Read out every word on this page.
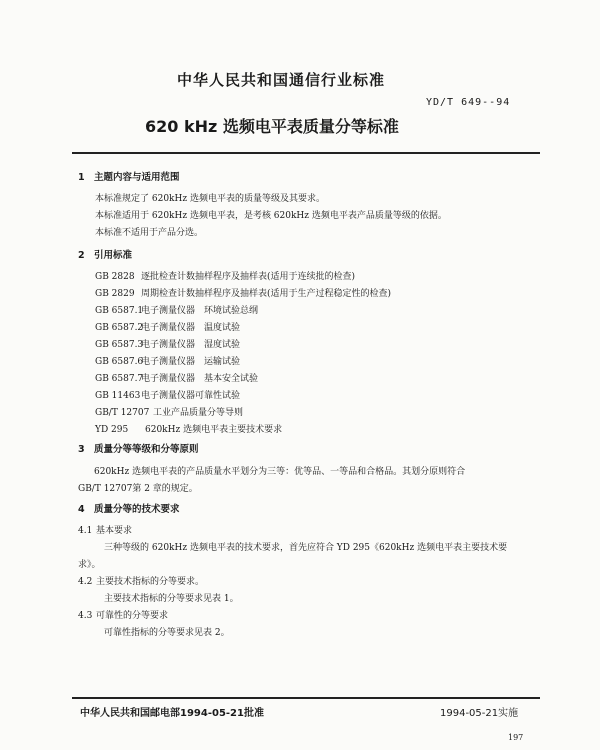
中华人民共和国通信行业标准
YD/T 649--94
620 kHz 选频电平表质量分等标准
1 主题内容与适用范围
本标准规定了 620kHz 选频电平表的质量等级及其要求。
本标准适用于 620kHz 选频电平表，是考核 620kHz 选频电平表产品质量等级的依据。
本标准不适用于产品分选。
2 引用标准
GB 2828 逐批检查计数抽样程序及抽样表(适用于连续批的检查)
GB 2829 周期检查计数抽样程序及抽样表(适用于生产过程稳定性的检查)
GB 6587.1电子测量仪器　环境试验总纲
GB 6587.2电子测量仪器　温度试验
GB 6587.3电子测量仪器　湿度试验
GB 6587.6电子测量仪器　运输试验
GB 6587.7电子测量仪器　基本安全试验
GB 11463电子测量仪器可靠性试验
GB/T 12707 工业产品质量分等导则
YD 295 620kHz 选频电平表主要技术要求
3 质量分等等级和分等原则
620kHz 选频电平表的产品质量水平划分为三等：优等品、一等品和合格品。其划分原则符合
GB/T 12707第 2 章的规定。
4 质量分等的技术要求
4.1 基本要求
三种等级的 620kHz 选频电平表的技术要求，首先应符合 YD 295《620kHz 选频电平表主要技术要
求》。
4.2 主要技术指标的分等要求。
主要技术指标的分等要求见表 1。
4.3 可靠性的分等要求
可靠性指标的分等要求见表 2。
中华人民共和国邮电部1994-05-21批准	1994-05-21实施
197
